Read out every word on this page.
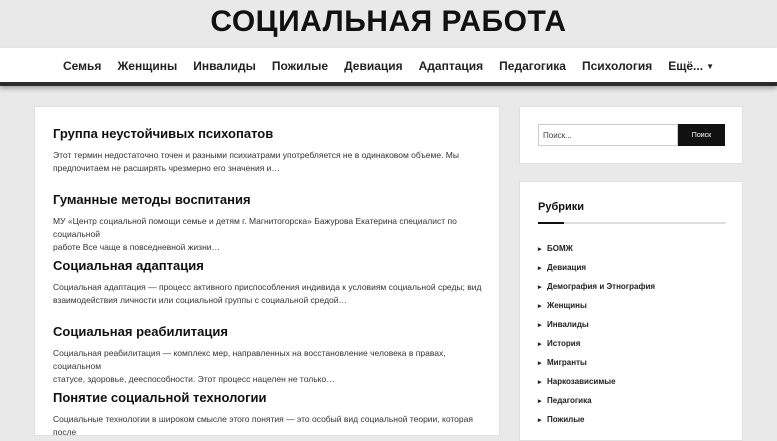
СОЦИАЛЬНАЯ РАБОТА
Семья Женщины Инвалиды Пожилые Девиация Адаптация Педагогика Психология Ещё... ▼
Группа неустойчивых психопатов

Этот термин недостаточно точен и разными психиатрами употребляется не в одинаковом объеме. Мы

предпочитаем не расширять чрезмерно его значения и…

Гуманные методы воспитания

МУ «Центр социальной помощи семье и детям г. Магнитогорска» Бажурова Екатерина специалист по социальной

работе Все чаще в повседневной жизни…

Социальная адаптация

Социальная адаптация — процесс активного приспособления индивида к условиям социальной среды; вид

взаимодействия личности или социальной группы с социальной средой…

Социальная реабилитация

Социальная реабилитация — комплекс мер, направленных на восстановление человека в правах, социальном

статусе, здоровье, дееспособности. Этот процесс нацелен не только…

Понятие социальной технологии

Социальные технологии в широком смысле этого понятия — это особый вид социальной теории, которая после

Поиск...
Поиск
Рубрики
▸ БОМЖ
▸ Девиация
▸ Демография и Этнография
▸ Женщины
▸ Инвалиды
▸ История
▸ Мигранты
▸ Наркозависимые
▸ Педагогика
▸ Пожилые
